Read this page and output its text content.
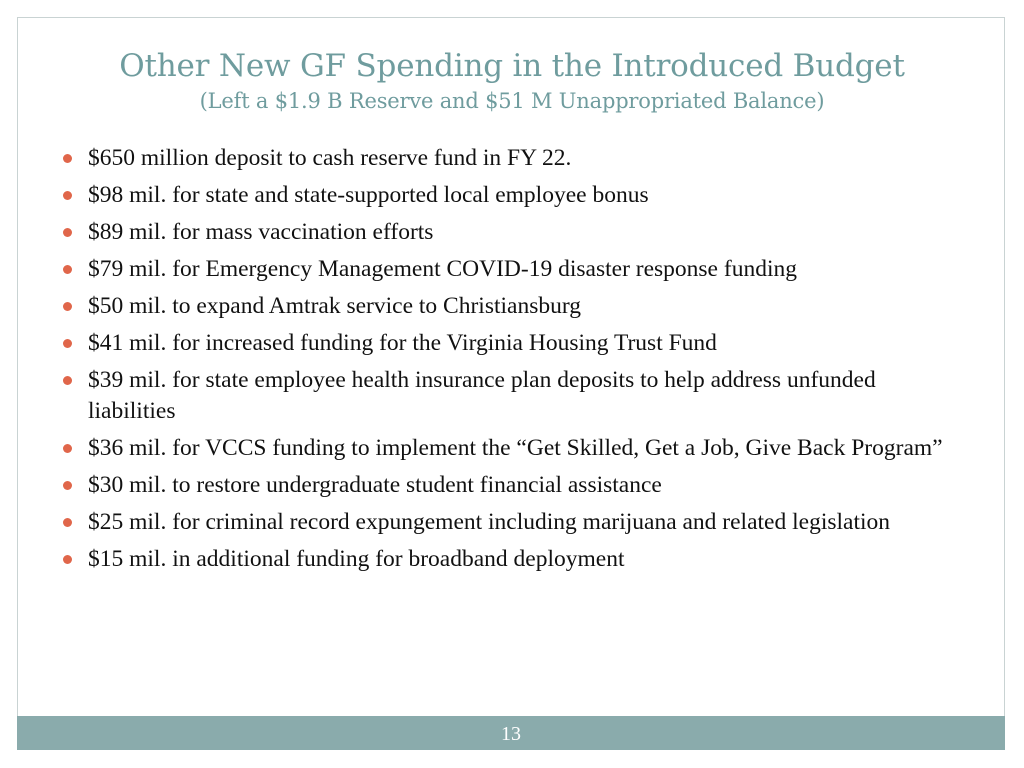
Other New GF Spending in the Introduced Budget
(Left a $1.9 B Reserve and $51 M Unappropriated Balance)
$650 million deposit to cash reserve fund in FY 22.
$98 mil. for state and state-supported local employee bonus
$89 mil. for mass vaccination efforts
$79 mil. for Emergency Management COVID-19 disaster response funding
$50 mil. to expand Amtrak service to Christiansburg
$41 mil. for increased funding for the Virginia Housing Trust Fund
$39 mil. for state employee health insurance plan deposits to help address unfunded liabilities
$36 mil. for VCCS funding to implement the “Get Skilled, Get a Job, Give Back Program”
$30 mil. to restore undergraduate student financial assistance
$25 mil. for criminal record expungement including marijuana and related legislation
$15 mil. in additional funding for broadband deployment
13
